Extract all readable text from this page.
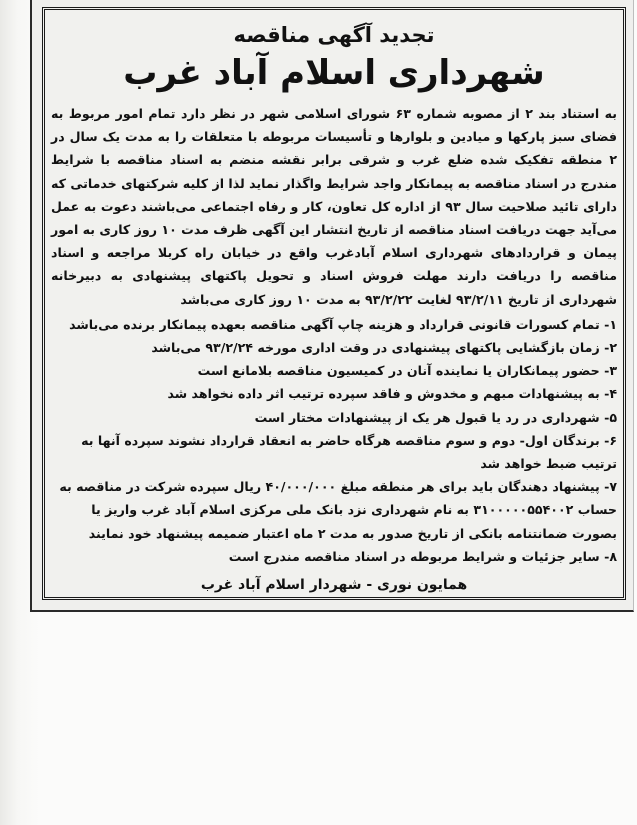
تجدید آگهی مناقصه
شهرداری اسلام آباد غرب

به استناد بند ۲ از مصوبه شماره ۶۳ شورای اسلامی شهر در نظر دارد تمام امور مربوط به فضای سبز پارکها و میادین و بلوارها و تأسیسات مربوطه با متعلقات را به مدت یک سال در ۲ منطقه تفکیک شده ضلع غرب و شرقی برابر نقشه منضم به اسناد مناقصه با شرایط مندرج در اسناد مناقصه به پیمانکار واجد شرایط واگذار نماید لذا از کلیه شرکتهای خدماتی که دارای تائید صلاحیت سال ۹۳ از اداره کل تعاون، کار و رفاه اجتماعی می‌باشند دعوت به عمل می‌آید جهت دریافت اسناد مناقصه از تاریخ انتشار این آگهی ظرف مدت ۱۰ روز کاری به امور پیمان و قراردادهای شهرداری اسلام آبادغرب واقع در خیابان راه کربلا مراجعه و اسناد مناقصه را دریافت دارند مهلت فروش اسناد و تحویل پاکتهای پیشنهادی به دبیرخانه شهرداری از تاریخ ۹۳/۲/۱۱ لغایت ۹۳/۲/۲۲ به مدت ۱۰ روز کاری می‌باشد

۱- تمام کسورات قانونی قرارداد و هزینه چاپ آگهی مناقصه بعهده پیمانکار برنده می‌باشد
۲- زمان بازگشایی پاکتهای پیشنهادی در وقت اداری مورخه ۹۳/۲/۲۴ می‌باشد
۳- حضور پیمانکاران یا نماینده آنان در کمیسیون مناقصه بلامانع است
۴- به پیشنهادات مبهم و مخدوش و فاقد سپرده ترتیب اثر داده نخواهد شد
۵- شهرداری در رد یا قبول هر یک از پیشنهادات مختار است
۶- برندگان اول- دوم و سوم مناقصه هرگاه حاضر به انعقاد قرارداد نشوند سپرده آنها به ترتیب ضبط خواهد شد
۷- پیشنهاد دهندگان باید برای هر منطقه مبلغ ۴۰/۰۰۰/۰۰۰ ریال سپرده شرکت در مناقصه به حساب ۳۱۰۰۰۰۰۵۵۴۰۰۲ به نام شهرداری نزد بانک ملی مرکزی اسلام آباد غرب واریز یا بصورت ضمانتنامه بانکی از تاریخ صدور به مدت ۲ ماه اعتبار ضمیمه پیشنهاد خود نمایند
۸- سایر جزئیات و شرایط مربوطه در اسناد مناقصه مندرج است
همایون نوری - شهردار اسلام آباد غرب
